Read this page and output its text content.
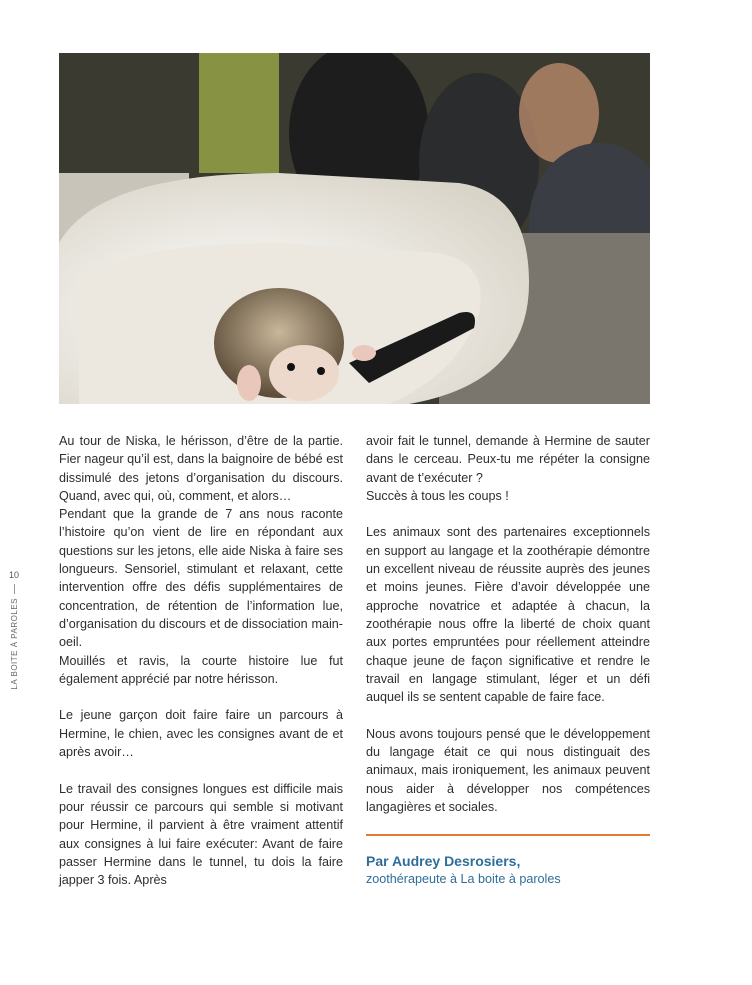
10
LA BOITE À PAROLES

Au tour de Niska, le hérisson, d’être de la partie. Fier nageur qu’il est, dans la baignoire de bébé est dissimulé des jetons d’organisation du discours. Quand, avec qui, où, comment, et alors…

Pendant que la grande de 7 ans nous raconte l’histoire qu’on vient de lire en répondant aux questions sur les jetons, elle aide Niska à faire ses longueurs. Sensoriel, stimulant et relaxant, cette intervention offre des défis supplémentaires de concentration, de rétention de l’information lue, d’organisation du discours et de dissociation main-oeil.

Mouillés et ravis, la courte histoire lue fut également apprécié par notre hérisson.

Le jeune garçon doit faire faire un parcours à Hermine, le chien, avec les consignes avant de et après avoir…

Le travail des consignes longues est difficile mais pour réussir ce parcours qui semble si motivant pour Hermine, il parvient à être vraiment attentif aux consignes à lui faire exécuter: Avant de faire passer Hermine dans le tunnel, tu dois la faire japper 3 fois. Après

avoir fait le tunnel, demande à Hermine de sauter dans le cerceau. Peux-tu me répéter la consigne avant de t’exécuter ?

Succès à tous les coups !

Les animaux sont des partenaires exceptionnels en support au langage et la zoothérapie démontre un excellent niveau de réussite auprès des jeunes et moins jeunes. Fière d’avoir développée une approche novatrice et adaptée à chacun, la zoothérapie nous offre la liberté de choix quant aux portes empruntées pour réellement atteindre chaque jeune de façon significative et rendre le travail en langage stimulant, léger et un défi auquel ils se sentent capable de faire face.

Nous avons toujours pensé que le développement du langage était ce qui nous distinguait des animaux, mais ironiquement, les animaux peuvent nous aider à développer nos compétences langagières et sociales.

Par Audrey Desrosiers,
zoothérapeute à La boite à paroles
